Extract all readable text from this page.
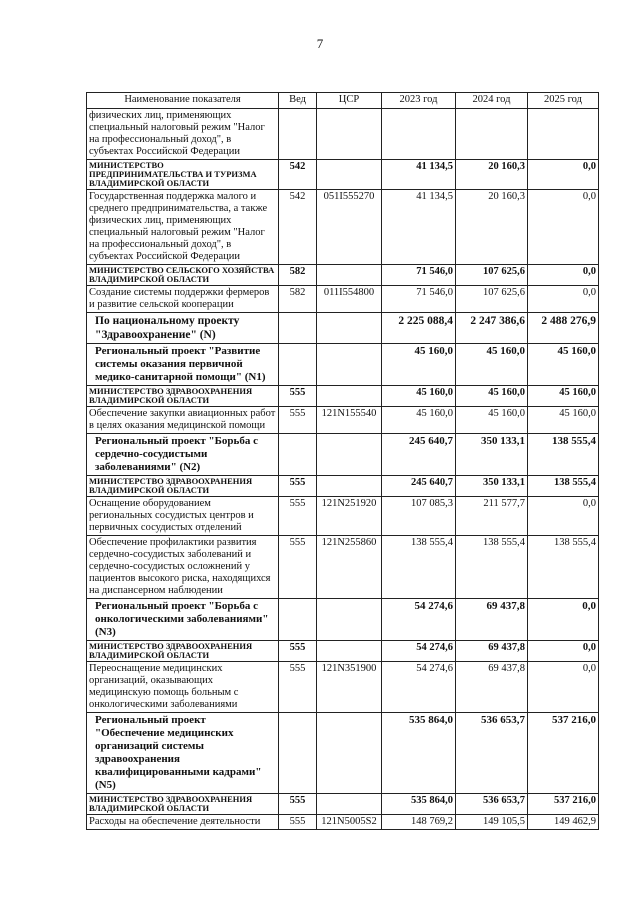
7
Наименование показателя	Вед	ЦСР	2023 год	2024 год	2025 год
физических лиц, применяющих специальный налоговый режим "Налог на профессиональный доход", в субъектах Российской Федерации					
МИНИСТЕРСТВО ПРЕДПРИНИМАТЕЛЬСТВА И ТУРИЗМА ВЛАДИМИРСКОЙ ОБЛАСТИ	542		41 134,5	20 160,3	0,0
Государственная поддержка малого и среднего предпринимательства, а также физических лиц, применяющих специальный налоговый режим "Налог на профессиональный доход", в субъектах Российской Федерации	542	051I555270	41 134,5	20 160,3	0,0
МИНИСТЕРСТВО СЕЛЬСКОГО ХОЗЯЙСТВА ВЛАДИМИРСКОЙ ОБЛАСТИ	582		71 546,0	107 625,6	0,0
Создание системы поддержки фермеров и развитие сельской кооперации	582	011I554800	71 546,0	107 625,6	0,0
По национальному проекту "Здравоохранение" (N)			2 225 088,4	2 247 386,6	2 488 276,9
Региональный проект "Развитие системы оказания первичной медико-санитарной помощи" (N1)			45 160,0	45 160,0	45 160,0
МИНИСТЕРСТВО ЗДРАВООХРАНЕНИЯ ВЛАДИМИРСКОЙ ОБЛАСТИ	555		45 160,0	45 160,0	45 160,0
Обеспечение закупки авиационных работ в целях оказания медицинской помощи	555	121N155540	45 160,0	45 160,0	45 160,0
Региональный проект "Борьба с сердечно-сосудистыми заболеваниями" (N2)			245 640,7	350 133,1	138 555,4
МИНИСТЕРСТВО ЗДРАВООХРАНЕНИЯ ВЛАДИМИРСКОЙ ОБЛАСТИ	555		245 640,7	350 133,1	138 555,4
Оснащение оборудованием региональных сосудистых центров и первичных сосудистых отделений	555	121N251920	107 085,3	211 577,7	0,0
Обеспечение профилактики развития сердечно-сосудистых заболеваний и сердечно-сосудистых осложнений у пациентов высокого риска, находящихся на диспансерном наблюдении	555	121N255860	138 555,4	138 555,4	138 555,4
Региональный проект "Борьба с онкологическими заболеваниями" (N3)			54 274,6	69 437,8	0,0
МИНИСТЕРСТВО ЗДРАВООХРАНЕНИЯ ВЛАДИМИРСКОЙ ОБЛАСТИ	555		54 274,6	69 437,8	0,0
Переоснащение медицинских организаций, оказывающих медицинскую помощь больным с онкологическими заболеваниями	555	121N351900	54 274,6	69 437,8	0,0
Региональный проект "Обеспечение медицинских организаций системы здравоохранения квалифицированными кадрами" (N5)			535 864,0	536 653,7	537 216,0
МИНИСТЕРСТВО ЗДРАВООХРАНЕНИЯ ВЛАДИМИРСКОЙ ОБЛАСТИ	555		535 864,0	536 653,7	537 216,0
Расходы на обеспечение деятельности	555	121N5005S2	148 769,2	149 105,5	149 462,9
